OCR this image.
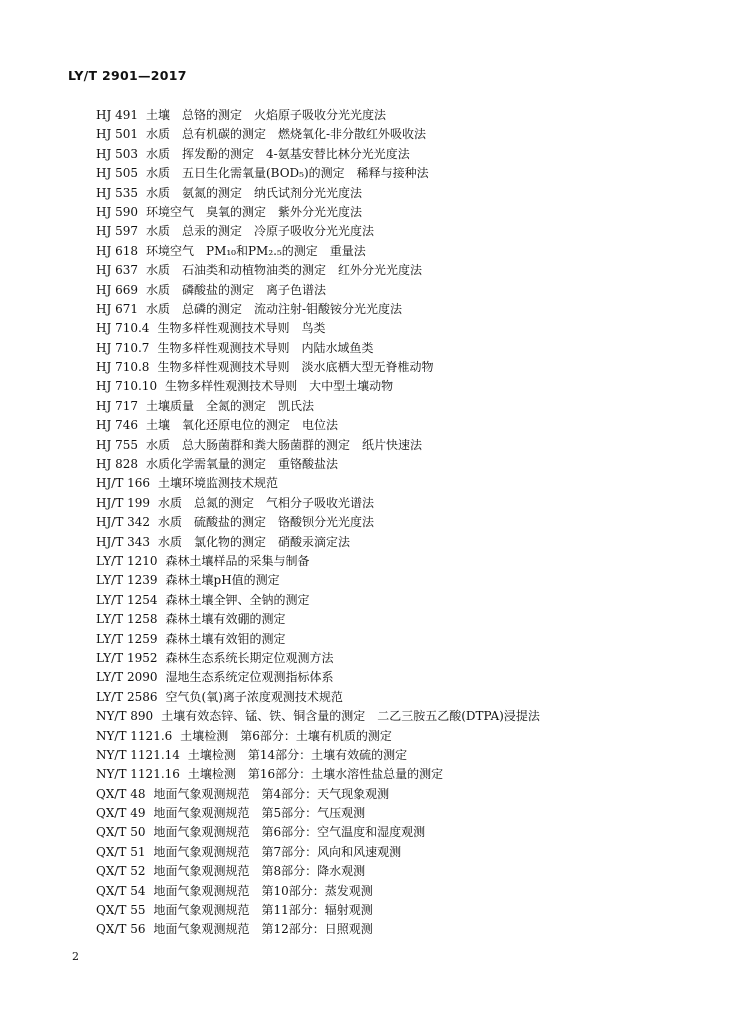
LY/T 2901—2017
HJ 491 土壤　总铬的测定　火焰原子吸收分光光度法
HJ 501 水质　总有机碳的测定　燃烧氧化-非分散红外吸收法
HJ 503 水质　挥发酚的测定　4-氨基安替比林分光光度法
HJ 505 水质　五日生化需氧量(BOD₅)的测定　稀释与接种法
HJ 535 水质　氨氮的测定　纳氏试剂分光光度法
HJ 590 环境空气　臭氧的测定　紫外分光光度法
HJ 597 水质　总汞的测定　冷原子吸收分光光度法
HJ 618 环境空气　PM₁₀和PM₂.₅的测定　重量法
HJ 637 水质　石油类和动植物油类的测定　红外分光光度法
HJ 669 水质　磷酸盐的测定　离子色谱法
HJ 671 水质　总磷的测定　流动注射-钼酸铵分光光度法
HJ 710.4 生物多样性观测技术导则　鸟类
HJ 710.7 生物多样性观测技术导则　内陆水域鱼类
HJ 710.8 生物多样性观测技术导则　淡水底栖大型无脊椎动物
HJ 710.10 生物多样性观测技术导则　大中型土壤动物
HJ 717 土壤质量　全氮的测定　凯氏法
HJ 746 土壤　氧化还原电位的测定　电位法
HJ 755 水质　总大肠菌群和粪大肠菌群的测定　纸片快速法
HJ 828 水质化学需氧量的测定　重铬酸盐法
HJ/T 166 土壤环境监测技术规范
HJ/T 199 水质　总氮的测定　气相分子吸收光谱法
HJ/T 342 水质　硫酸盐的测定　铬酸钡分光光度法
HJ/T 343 水质　氯化物的测定　硝酸汞滴定法
LY/T 1210 森林土壤样品的采集与制备
LY/T 1239 森林土壤pH值的测定
LY/T 1254 森林土壤全钾、全钠的测定
LY/T 1258 森林土壤有效硼的测定
LY/T 1259 森林土壤有效钼的测定
LY/T 1952 森林生态系统长期定位观测方法
LY/T 2090 湿地生态系统定位观测指标体系
LY/T 2586 空气负(氧)离子浓度观测技术规范
NY/T 890 土壤有效态锌、锰、铁、铜含量的测定　二乙三胺五乙酸(DTPA)浸提法
NY/T 1121.6 土壤检测　第6部分：土壤有机质的测定
NY/T 1121.14 土壤检测　第14部分：土壤有效硫的测定
NY/T 1121.16 土壤检测　第16部分：土壤水溶性盐总量的测定
QX/T 48 地面气象观测规范　第4部分：天气现象观测
QX/T 49 地面气象观测规范　第5部分：气压观测
QX/T 50 地面气象观测规范　第6部分：空气温度和湿度观测
QX/T 51 地面气象观测规范　第7部分：风向和风速观测
QX/T 52 地面气象观测规范　第8部分：降水观测
QX/T 54 地面气象观测规范　第10部分：蒸发观测
QX/T 55 地面气象观测规范　第11部分：辐射观测
QX/T 56 地面气象观测规范　第12部分：日照观测
2
